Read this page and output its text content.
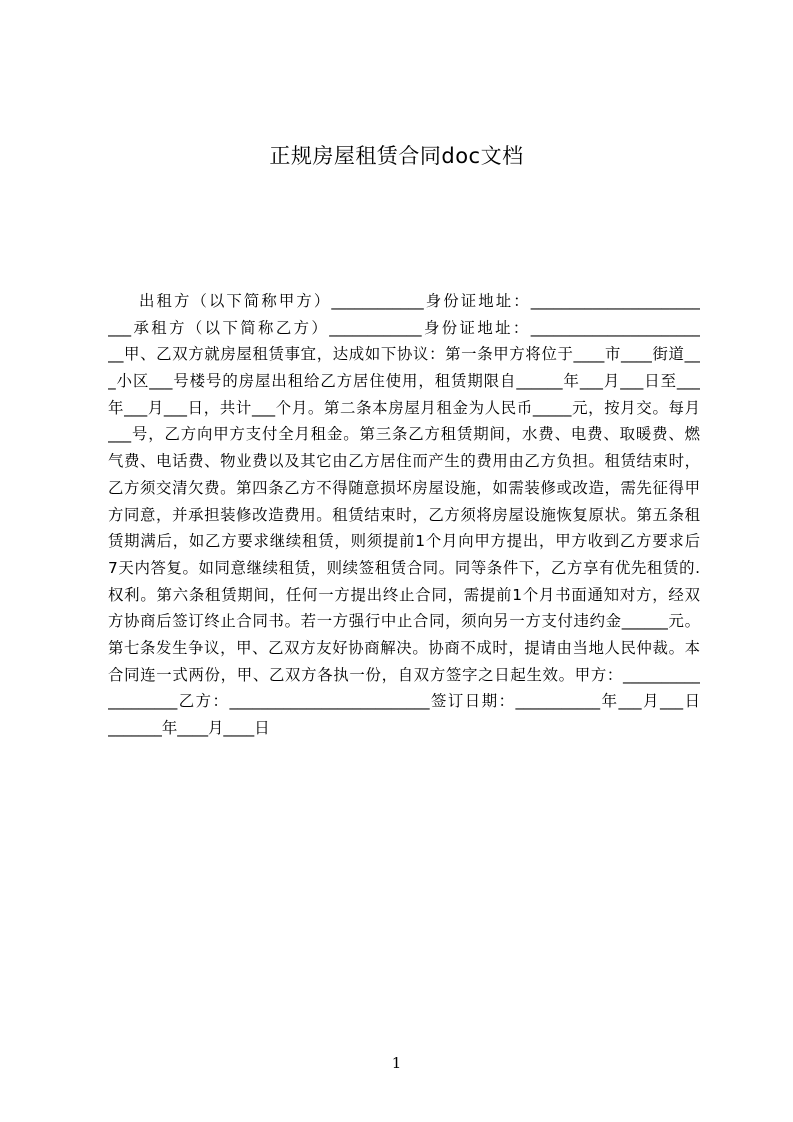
正规房屋租赁合同doc文档
出租方（以下简称甲方）____________身份证地址：______________________
___承租方（以下简称乙方）____________身份证地址：______________________
__甲、乙双方就房屋租赁事宜，达成如下协议：第一条甲方将位于____市____街道__
_小区___号楼号的房屋出租给乙方居住使用，租赁期限自______年___月___日至___
年___月___日，共计___个月。第二条本房屋月租金为人民币_____元，按月交。每月
___号，乙方向甲方支付全月租金。第三条乙方租赁期间，水费、电费、取暖费、燃
气费、电话费、物业费以及其它由乙方居住而产生的费用由乙方负担。租赁结束时，
乙方须交清欠费。第四条乙方不得随意损坏房屋设施，如需装修或改造，需先征得甲
方同意，并承担装修改造费用。租赁结束时，乙方须将房屋设施恢复原状。第五条租
赁期满后，如乙方要求继续租赁，则须提前1个月向甲方提出，甲方收到乙方要求后
7天内答复。如同意继续租赁，则续签租赁合同。同等条件下，乙方享有优先租赁的.
权利。第六条租赁期间，任何一方提出终止合同，需提前1个月书面通知对方，经双
方协商后签订终止合同书。若一方强行中止合同，须向另一方支付违约金______元。
第七条发生争议，甲、乙双方友好协商解决。协商不成时，提请由当地人民仲裁。本
合同连一式两份，甲、乙双方各执一份，自双方签字之日起生效。甲方：__________
_________乙方：__________________________签订日期：___________年___月___日
_______年____月____日
1
